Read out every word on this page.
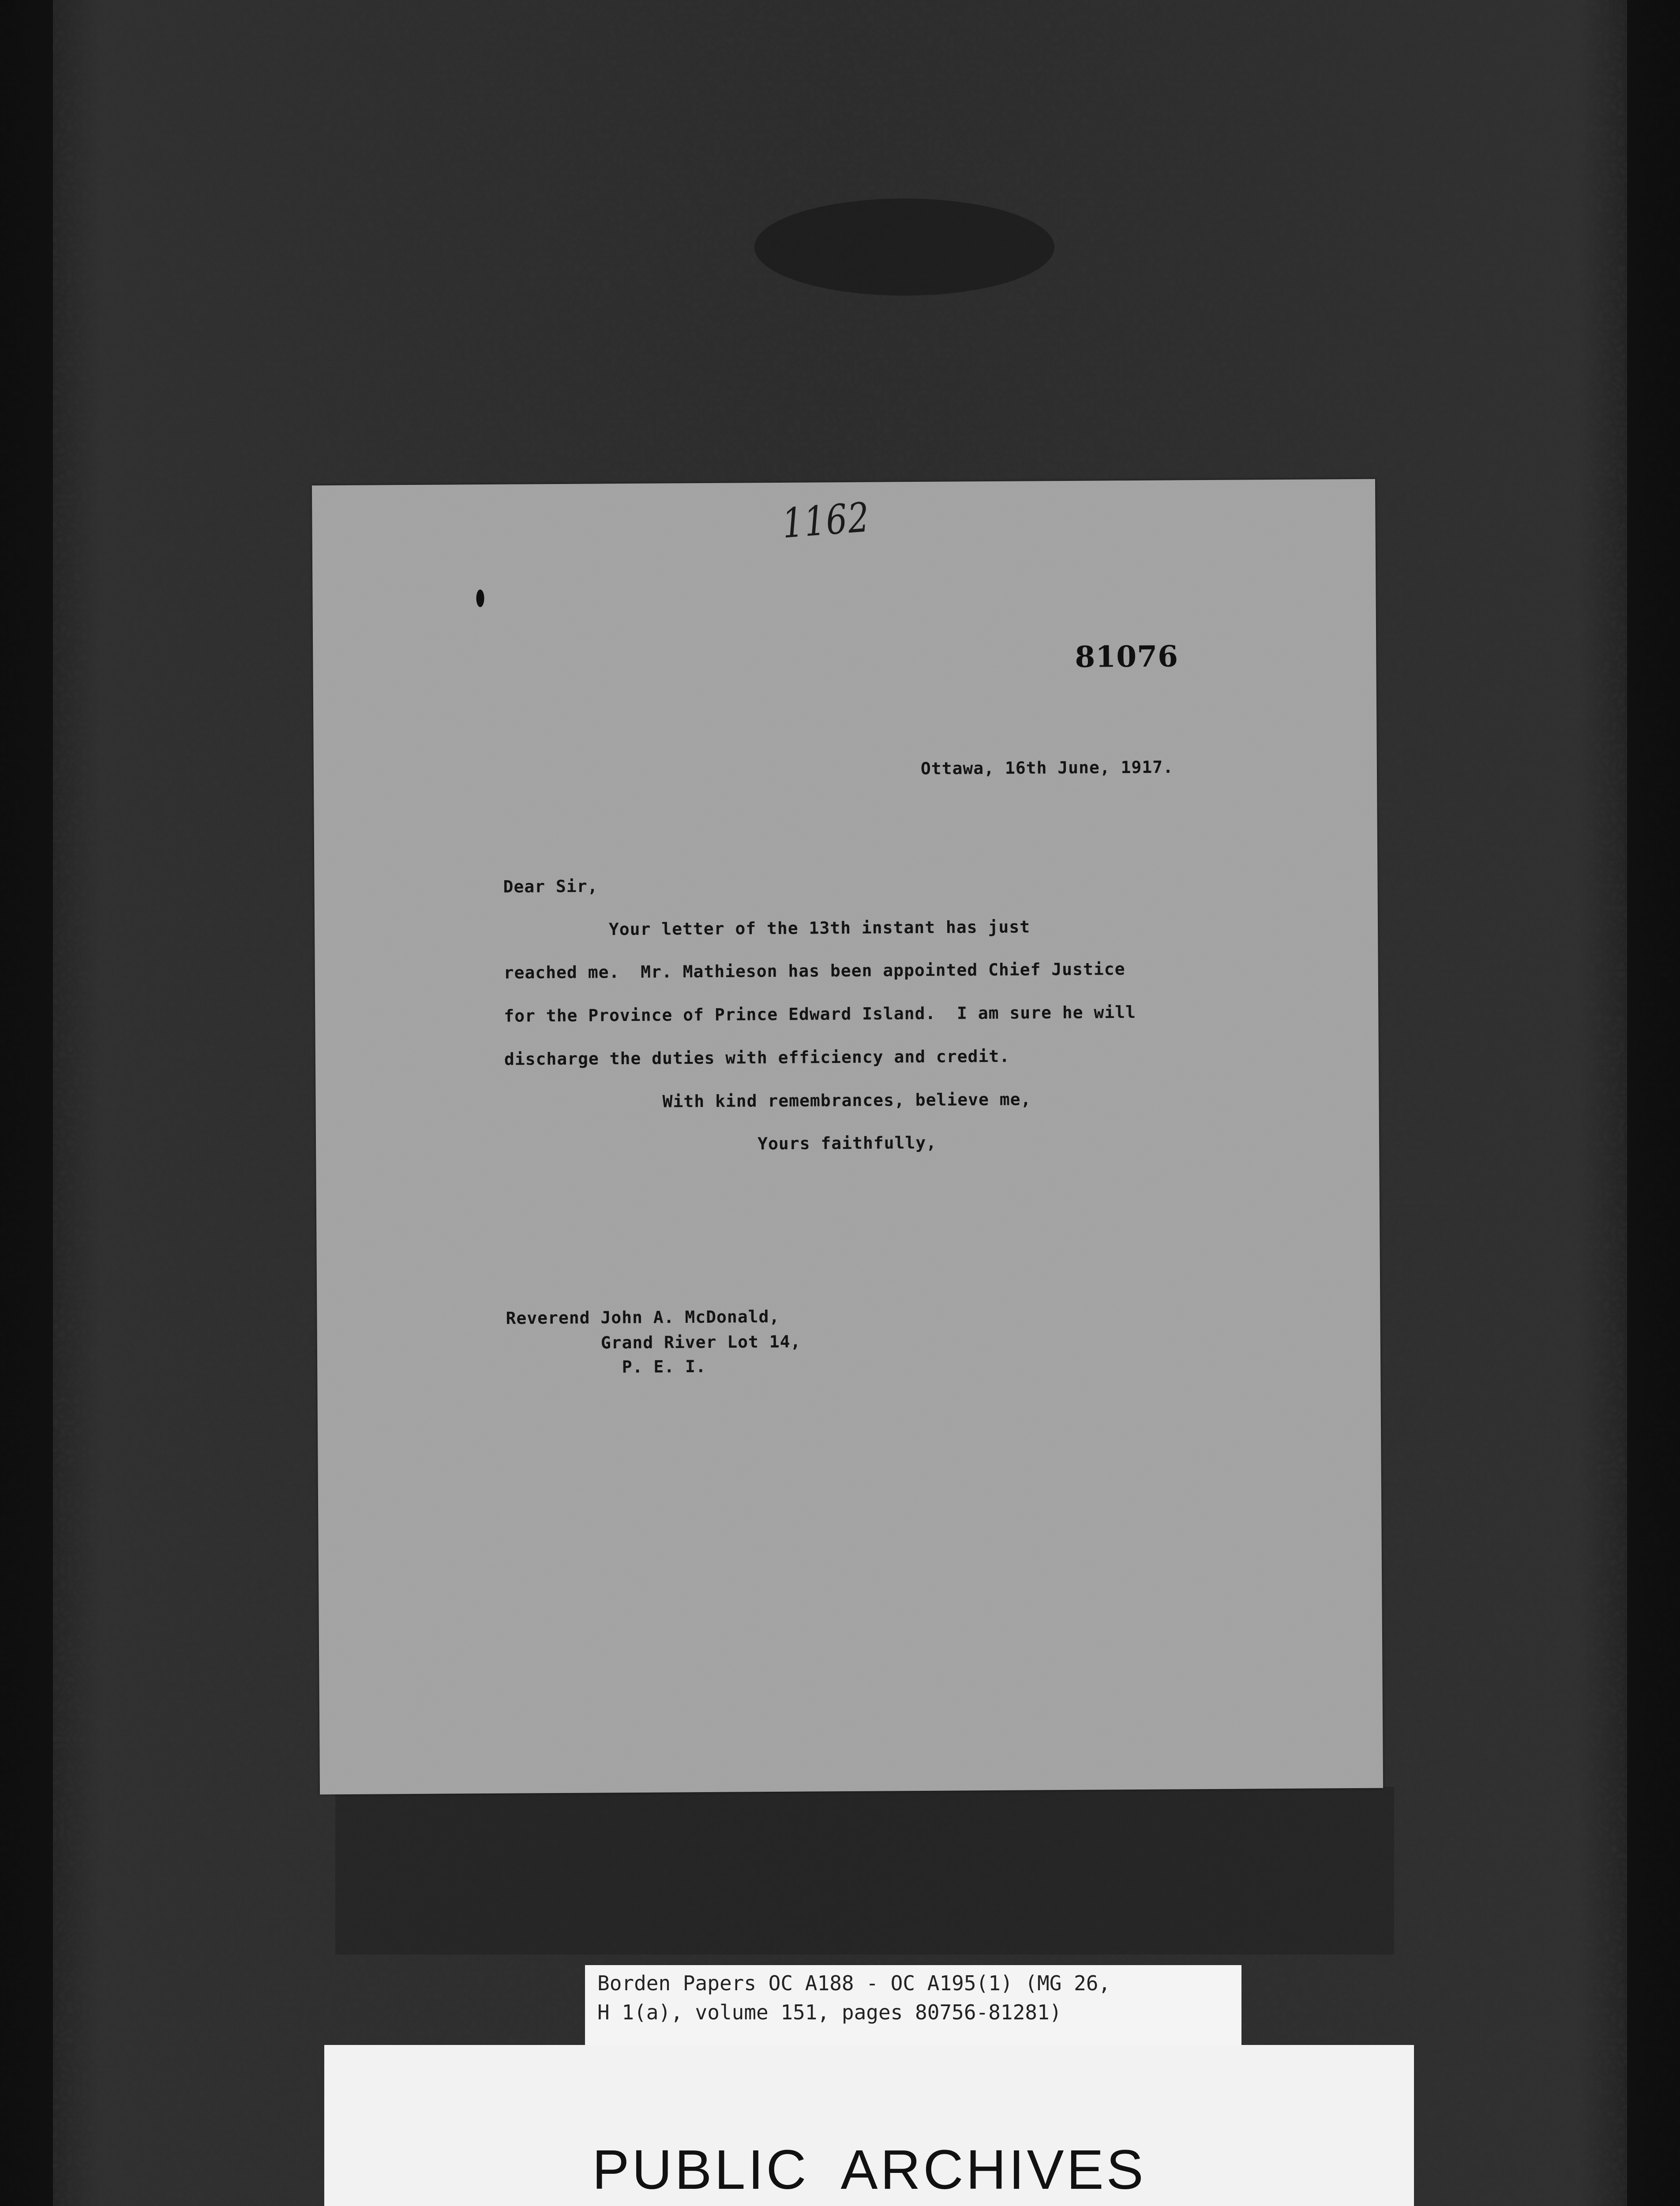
1162
81076
Ottawa, 16th June, 1917.
Dear Sir,
Your letter of the 13th instant has just
reached me.  Mr. Mathieson has been appointed Chief Justice
for the Province of Prince Edward Island.  I am sure he will
discharge the duties with efficiency and credit.
With kind remembrances, believe me,
Yours faithfully,
Reverend John A. McDonald,
Grand River Lot 14,
P. E. I.
Borden Papers OC A188 - OC A195(1) (MG 26,
H 1(a), volume 151, pages 80756-81281)
PUBLIC ARCHIVES
